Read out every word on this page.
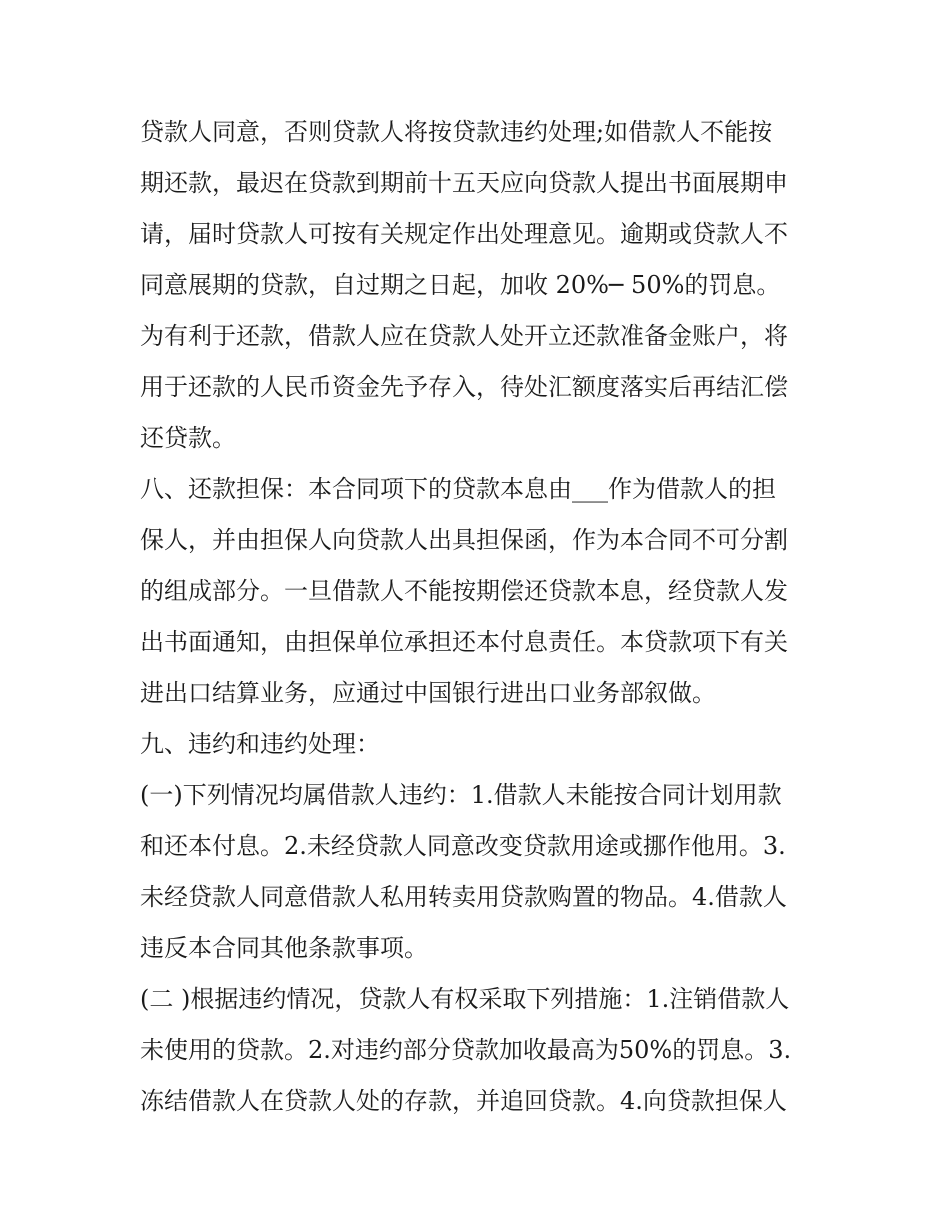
贷款人同意，否则贷款人将按贷款违约处理;如借款人不能按
期还款，最迟在贷款到期前十五天应向贷款人提出书面展期申
请，届时贷款人可按有关规定作出处理意见。逾期或贷款人不
同意展期的贷款，自过期之日起，加收 20%─ 50%的罚息。
为有利于还款，借款人应在贷款人处开立还款准备金账户，将
用于还款的人民币资金先予存入，待处汇额度落实后再结汇偿
还贷款。
八、还款担保：本合同项下的贷款本息由___作为借款人的担
保人，并由担保人向贷款人出具担保函，作为本合同不可分割
的组成部分。一旦借款人不能按期偿还贷款本息，经贷款人发
出书面通知，由担保单位承担还本付息责任。本贷款项下有关
进出口结算业务，应通过中国银行进出口业务部叙做。
九、违约和违约处理：
(一)下列情况均属借款人违约：1.借款人未能按合同计划用款
和还本付息。2.未经贷款人同意改变贷款用途或挪作他用。3.
未经贷款人同意借款人私用转卖用贷款购置的物品。4.借款人
违反本合同其他条款事项。
(二 )根据违约情况，贷款人有权采取下列措施：1.注销借款人
未使用的贷款。2.对违约部分贷款加收最高为50%的罚息。3.
冻结借款人在贷款人处的存款，并追回贷款。4.向贷款担保人
